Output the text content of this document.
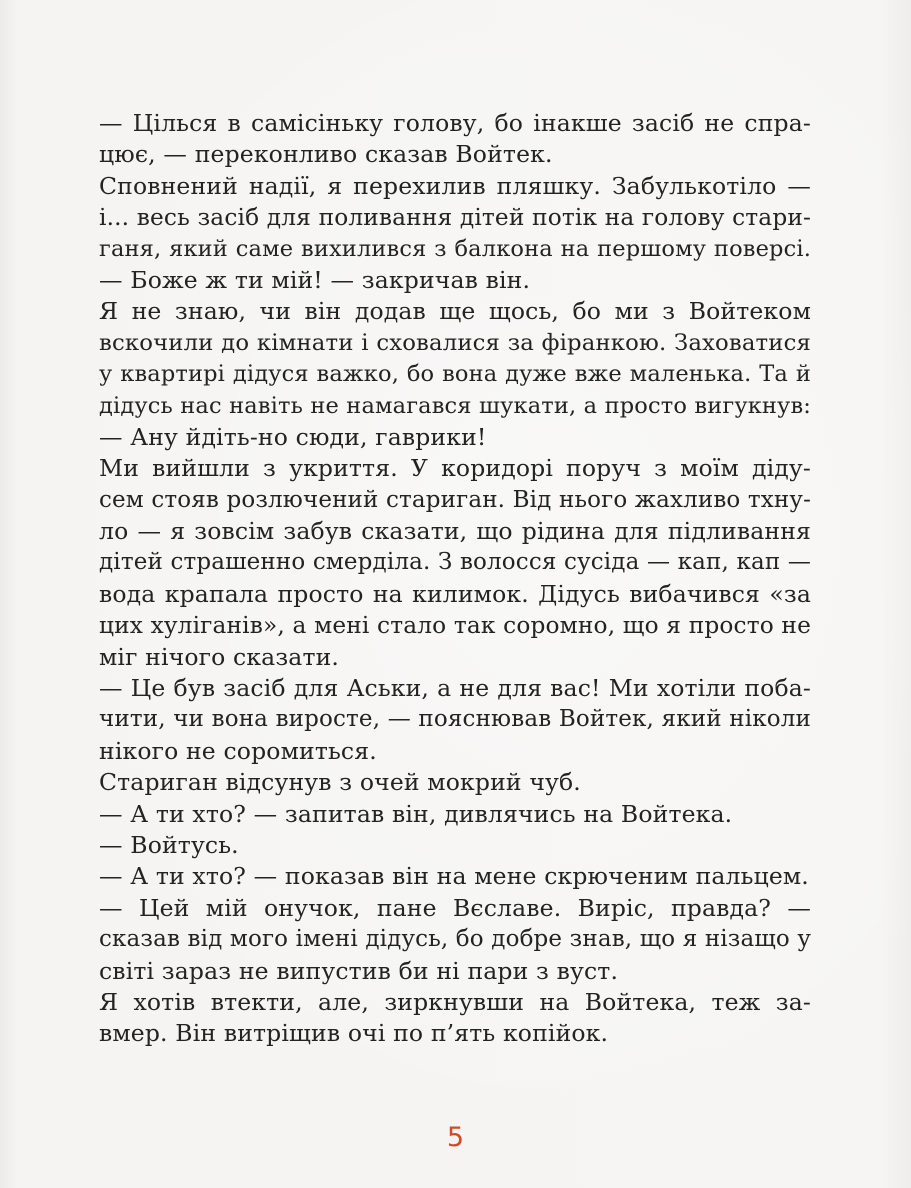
— Цілься в самісіньку голову, бо інакше засіб не спра-
цює, — переконливо сказав Войтек.
Сповнений надії, я перехилив пляшку. Забулькотіло —
і... весь засіб для поливання дітей потік на голову стари-
ганя, який саме вихилився з балкона на першому поверсі.
— Боже ж ти мій! — закричав він.
Я не знаю, чи він додав ще щось, бо ми з Войтеком
вскочили до кімнати і сховалися за фіранкою. Заховатися
у квартирі дідуся важко, бо вона дуже вже маленька. Та й
дідусь нас навіть не намагався шукати, а просто вигукнув:
— Ану йдіть-но сюди, гаврики!
Ми вийшли з укриття. У коридорі поруч з моїм діду-
сем стояв розлючений стариган. Від нього жахливо тхну-
ло — я зовсім забув сказати, що рідина для підливання
дітей страшенно смерділа. З волосся сусіда — кап, кап —
вода крапала просто на килимок. Дідусь вибачився «за
цих хуліганів», а мені стало так соромно, що я просто не
міг нічого сказати.
— Це був засіб для Аськи, а не для вас! Ми хотіли поба-
чити, чи вона виросте, — пояснював Войтек, який ніколи
нікого не соромиться.
Стариган відсунув з очей мокрий чуб.
— А ти хто? — запитав він, дивлячись на Войтека.
— Войтусь.
— А ти хто? — показав він на мене скрюченим пальцем.
— Цей мій онучок, пане Вєславе. Виріс, правда? —
сказав від мого імені дідусь, бо добре знав, що я нізащо у
світі зараз не випустив би ні пари з вуст.
Я хотів втекти, але, зиркнувши на Войтека, теж за-
вмер. Він витріщив очі по п’ять копійок.
5
